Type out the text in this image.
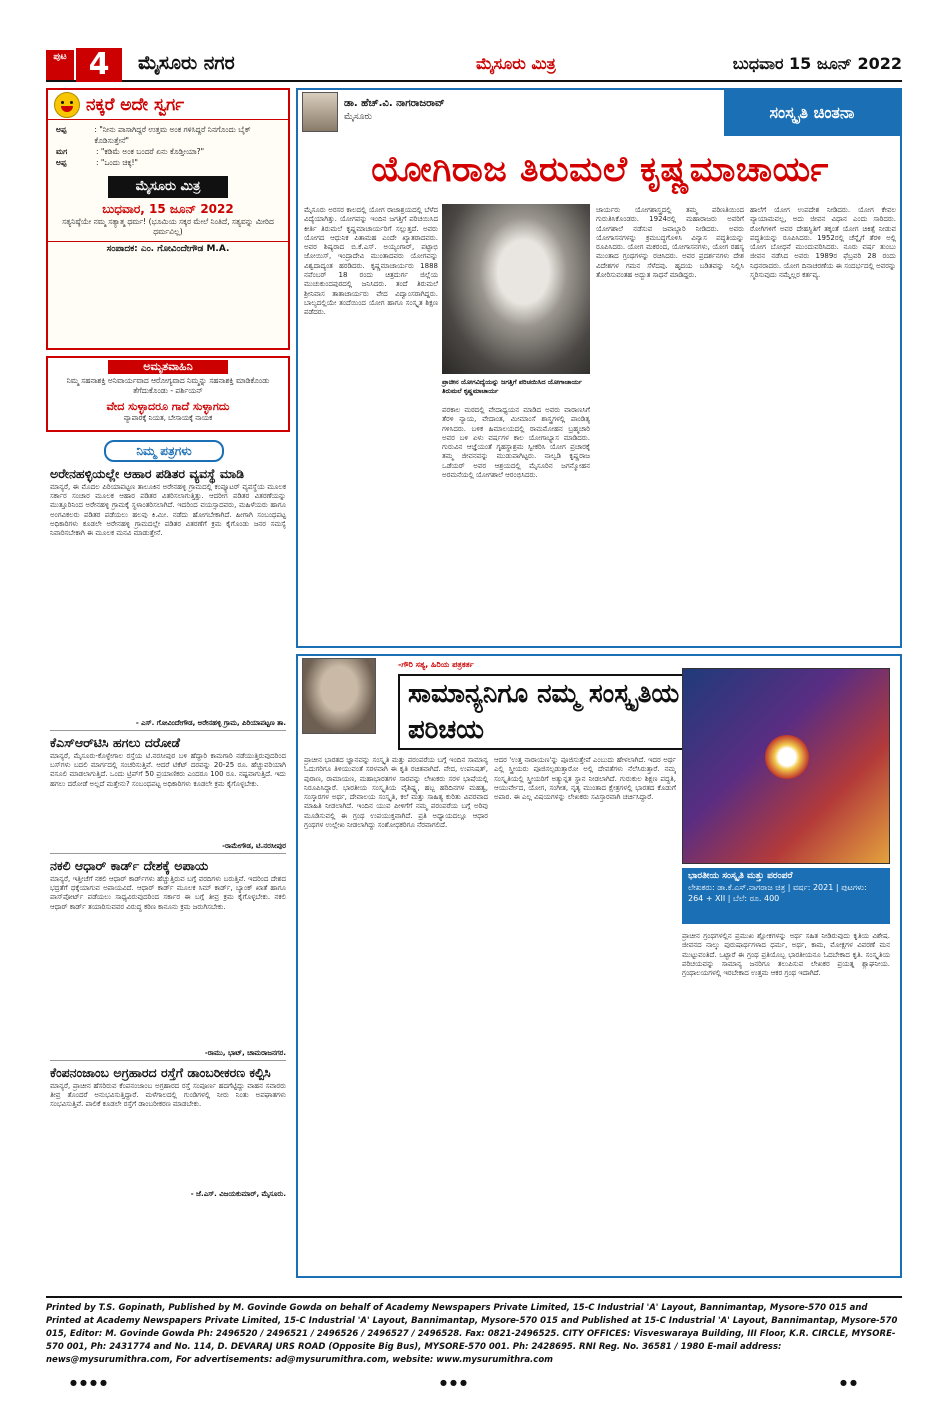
ಪುಟ 4	ಮೈಸೂರು ನಗರ	ಮೈಸೂರು ಮಿತ್ರ	ಬುಧವಾರ 15 ಜೂನ್ 2022
ನಕ್ಕರೆ ಅದೇ ಸ್ವರ್ಗ
ಅಪ್ಪ	: "ನೀನು ಪಾಸಾಗಿದ್ದರೆ ಉತ್ತಮ ಅಂಕ ಗಳಿಸಿದ್ದರೆ ನಿನಗೊಂದು ಬೈಕ್ ಕೊಡಿಸುತ್ತೇನೆ"
ಮಗ	: "ಕಡಿಮೆ ಅಂಕ ಬಂದರೆ ಏನು ಕೊಡ್ತೀಯಾ?"
ಅಪ್ಪ	: "ಒಂದು ಚಿಕ್ಕ!"
ಮೈಸೂರು ಮಿತ್ರ
ಬುಧವಾರ, 15 ಜೂನ್ 2022
ಸತ್ಯನಿಷ್ಠೆಯೇ ನಮ್ಮ ಸತ್ಯಾತ್ಮ ಧರ್ಮ! (ಭೂಮಿಯ ಸಕ್ಕರ ಮೇಲೆ ನಿಂತಿದೆ, ಸತ್ಯವನ್ನು ಮೀರಿದ ಧರ್ಮವಿಲ್ಲ)
ಸಂಪಾದಕ: ಎಂ. ಗೋವಿಂದೇಗೌಡ M.A.
ಅಮೃತವಾಹಿನಿ
ನಿಮ್ಮ ಸಹನಾಶಕ್ತಿ ಅನಿವಾರ್ಯವಾದ ಆರೋಗ್ಯವಾದ ನಿಮ್ಮನ್ನು ಸಹನಾಶಕ್ತಿ ಮಾಡಿಕೊಂಡು ತೆಗೆದುಕೊಂಡು - ಪರ್ಶಿಯನ್
ವೇದ ಸುಳ್ಳಾದರೂ ಗಾದೆ ಸುಳ್ಳಾಗದು
ವ್ಯಾಪಾರಕ್ಕೆ ನಿಯತ, ಬೇಸಾಯಕ್ಕೆ ನಾಯಕ
ನಿಮ್ಮ ಪತ್ರಗಳು
ಅರೇನಹಳ್ಳಿಯಲ್ಲೇ ಆಹಾರ ಪಡಿತರ ವ್ಯವಸ್ಥೆ ಮಾಡಿ
ಮಾನ್ಯರೆ, ಈ ಮೊದಲ ಪಿರಿಯಾಪಟ್ಟಣ ತಾಲೂಕಿನ ಅರೇನಹಳ್ಳಿ ಗ್ರಾಮದಲ್ಲಿ ಕಂಪ್ಯೂಟರ್ ವ್ಯವಸ್ಥೆಯ ಮೂಲಕ ಸರ್ಕಾರ ಸಂಚಾರ ಮೂಲಕ ಆಹಾರ ಪಡಿತರ ವಿತರಿಸಲಾಗುತ್ತಿತ್ತು. ಆದರೀಗ ಪಡಿತರ ವಿತರಣೆಯನ್ನು ಮುತ್ತೂರಿನಿಂದ ಅರೇನಹಳ್ಳಿ ಗ್ರಾಮಕ್ಕೆ ಸ್ಥಳಾಂತರಿಸಲಾಗಿದೆ. ಇದರಿಂದ ವಯಸ್ಸಾದವರು, ಮಹಿಳೆಯರು ಹಾಗೂ ಅಂಗವಿಕಲರು ಪಡಿತರ ಪಡೆಯಲು ಹಲವು ಕಿ.ಮೀ. ನಡೆದು ಹೋಗಬೇಕಾಗಿದೆ. ಹೀಗಾಗಿ ಸಂಬಂಧಪಟ್ಟ ಅಧಿಕಾರಿಗಳು ಕೂಡಲೇ ಅರೇನಹಳ್ಳಿ ಗ್ರಾಮದಲ್ಲೇ ಪಡಿತರ ವಿತರಣೆಗೆ ಕ್ರಮ ಕೈಗೊಂಡು ಜನರ ಸಮಸ್ಯೆ ನಿವಾರಿಸಬೇಕಾಗಿ ಈ ಮೂಲಕ ಮನವಿ ಮಾಡುತ್ತೇನೆ.
- ಎಸ್. ಗೋವಿಂದೇಗೌಡ, ಅರೇನಹಳ್ಳಿ ಗ್ರಾಮ, ಪಿರಿಯಾಪಟ್ಟಣ ತಾ.
ಕೆಎಸ್‌ಆರ್‌ಟಿಸಿ ಹಗಲು ದರೋಡೆ
ಮಾನ್ಯರೆ, ಮೈಸೂರು-ಕೊಳ್ಳೇಗಾಲ ರಸ್ತೆಯ ಟಿ.ನರಸೀಪುರ ಬಳಿ ಹೆದ್ದಾರಿ ಕಾಮಗಾರಿ ನಡೆಯುತ್ತಿರುವುದರಿಂದ ಬಸ್‌ಗಳು ಬದಲಿ ಮಾರ್ಗದಲ್ಲಿ ಸಂಚರಿಸುತ್ತಿವೆ. ಆದರೆ ಟಿಕೆಟ್ ದರವನ್ನು 20-25 ರೂ. ಹೆಚ್ಚುವರಿಯಾಗಿ ವಸೂಲಿ ಮಾಡಲಾಗುತ್ತಿದೆ. ಒಂದು ಟ್ರಿಪ್‌ಗೆ 50 ಪ್ರಯಾಣಿಕರು ಎಂದರೂ 100 ರೂ. ನಷ್ಟವಾಗುತ್ತಿದೆ. ಇದು ಹಗಲು ದರೋಡೆ ಅಲ್ಲದೆ ಮತ್ತೇನು? ಸಂಬಂಧಪಟ್ಟ ಅಧಿಕಾರಿಗಳು ಕೂಡಲೇ ಕ್ರಮ ಕೈಗೊಳ್ಳಬೇಕು.
-ರಾಮೇಗೌಡ, ಟಿ.ನರಸೀಪುರ
ನಕಲಿ ಆಧಾರ್ ಕಾರ್ಡ್ ದೇಶಕ್ಕೆ ಅಪಾಯ
ಮಾನ್ಯರೆ, ಇತ್ತೀಚೆಗೆ ನಕಲಿ ಆಧಾರ್ ಕಾರ್ಡ್‌ಗಳು ಹೆಚ್ಚುತ್ತಿರುವ ಬಗ್ಗೆ ವರದಿಗಳು ಬರುತ್ತಿವೆ. ಇದರಿಂದ ದೇಶದ ಭದ್ರತೆಗೆ ಧಕ್ಕೆಯಾಗುವ ಅಪಾಯವಿದೆ. ಆಧಾರ್ ಕಾರ್ಡ್ ಮೂಲಕ ಸಿಮ್ ಕಾರ್ಡ್, ಬ್ಯಾಂಕ್ ಖಾತೆ ಹಾಗೂ ಪಾಸ್‌ಪೋರ್ಟ್ ಪಡೆಯಲು ಸಾಧ್ಯವಿರುವುದರಿಂದ ಸರ್ಕಾರ ಈ ಬಗ್ಗೆ ತೀವ್ರ ಕ್ರಮ ಕೈಗೊಳ್ಳಬೇಕು. ನಕಲಿ ಆಧಾರ್ ಕಾರ್ಡ್ ತಯಾರಿಸುವವರ ವಿರುದ್ಧ ಕಠಿಣ ಕಾನೂನು ಕ್ರಮ ಜರುಗಿಸಬೇಕು.
-ರಾಮು, ಭಾಟ್, ಚಾಮರಾಜನಗರ.
ಕೆಂಪನಂಜಾಂಬ ಅಗ್ರಹಾರದ ರಸ್ತೆಗೆ ಡಾಂಬರೀಕರಣ ಕಲ್ಪಿಸಿ
ಮಾನ್ಯರೆ, ಪ್ರಾಚೀನ ಹೆಸರಿರುವ ಕೆಂಪನಂಜಾಂಬ ಅಗ್ರಹಾರದ ರಸ್ತೆ ಸಂಪೂರ್ಣ ಹದಗೆಟ್ಟಿದ್ದು ವಾಹನ ಸವಾರರು ತೀವ್ರ ತೊಂದರೆ ಅನುಭವಿಸುತ್ತಿದ್ದಾರೆ. ಮಳೆಗಾಲದಲ್ಲಿ ಗುಂಡಿಗಳಲ್ಲಿ ನೀರು ನಿಂತು ಅಪಘಾತಗಳು ಸಂಭವಿಸುತ್ತಿವೆ. ಪಾಲಿಕೆ ಕೂಡಲೇ ರಸ್ತೆಗೆ ಡಾಂಬರೀಕರಣ ಮಾಡಬೇಕು.
- ಜೆ.ಎಸ್. ವಿಜಯಕುಮಾರ್, ಮೈಸೂರು.
ಡಾ. ಹೆಚ್.ವಿ. ನಾಗರಾಜರಾವ್
ಮೈಸೂರು	ಸಂಸ್ಕೃತಿ ಚಿಂತನಾ
ಯೋಗಿರಾಜ ತಿರುಮಲೆ ಕೃಷ್ಣಮಾಚಾರ್ಯ
ಮೈಸೂರು ಅರಸರ ಕಾಲದಲ್ಲಿ ಯೋಗ ರಾಜಾಶ್ರಯದಲ್ಲಿ ಬೆಳೆದ ವಿದ್ಯೆಯಾಗಿತ್ತು. ಯೋಗವನ್ನು ಇಂದಿನ ಜಗತ್ತಿಗೆ ಪರಿಚಯಿಸಿದ ಕೀರ್ತಿ ತಿರುಮಲೆ ಕೃಷ್ಣಮಾಚಾರ್ಯರಿಗೆ ಸಲ್ಲುತ್ತದೆ. ಅವರು ಯೋಗದ ಆಧುನಿಕ ಪಿತಾಮಹ ಎಂದೇ ಖ್ಯಾತರಾದವರು. ಅವರ ಶಿಷ್ಯರಾದ ಬಿ.ಕೆ.ಎಸ್. ಅಯ್ಯಂಗಾರ್, ಪಟ್ಟಾಭಿ ಜೋಯಿಸ್, ಇಂದ್ರಾದೇವಿ ಮುಂತಾದವರು ಯೋಗವನ್ನು ವಿಶ್ವದಾದ್ಯಂತ ಹರಡಿದರು. ಕೃಷ್ಣಮಾಚಾರ್ಯರು 1888 ನವೆಂಬರ್ 18 ರಂದು ಚಿತ್ರದುರ್ಗ ಜಿಲ್ಲೆಯ ಮುಚುಕುಂದಪುರದಲ್ಲಿ ಜನಿಸಿದರು. ತಂದೆ ತಿರುಮಲೆ ಶ್ರೀನಿವಾಸ ತಾತಾಚಾರ್ಯರು ವೇದ ವಿದ್ವಾಂಸರಾಗಿದ್ದರು. ಬಾಲ್ಯದಲ್ಲಿಯೇ ತಂದೆಯಿಂದ ಯೋಗ ಹಾಗೂ ಸಂಸ್ಕೃತ ಶಿಕ್ಷಣ ಪಡೆದರು.
ಪ್ರಾಚೀನ ಯೋಗವಿದ್ಯೆಯನ್ನು ಜಗತ್ತಿಗೆ ಪರಿಚಯಿಸಿದ ಯೋಗಾಚಾರ್ಯ ತಿರುಮಲೆ ಕೃಷ್ಣಮಾಚಾರ್ಯ
ಪರಕಾಲ ಮಠದಲ್ಲಿ ವೇದಾಧ್ಯಯನ ಮಾಡಿದ ಅವರು ವಾರಾಣಸಿಗೆ ತೆರಳಿ ನ್ಯಾಯ, ವೇದಾಂತ, ಮೀಮಾಂಸೆ ಶಾಸ್ತ್ರಗಳಲ್ಲಿ ಪಾಂಡಿತ್ಯ ಗಳಿಸಿದರು. ಬಳಿಕ ಹಿಮಾಲಯದಲ್ಲಿ ರಾಮಮೋಹನ ಬ್ರಹ್ಮಚಾರಿ ಅವರ ಬಳಿ ಏಳು ವರ್ಷಗಳ ಕಾಲ ಯೋಗಾಭ್ಯಾಸ ಮಾಡಿದರು. ಗುರುವಿನ ಆಜ್ಞೆಯಂತೆ ಗೃಹಸ್ಥಾಶ್ರಮ ಸ್ವೀಕರಿಸಿ ಯೋಗ ಪ್ರಚಾರಕ್ಕೆ ತಮ್ಮ ಜೀವನವನ್ನು ಮುಡುಪಾಗಿಟ್ಟರು. ನಾಲ್ವಡಿ ಕೃಷ್ಣರಾಜ ಒಡೆಯರ್ ಅವರ ಆಶ್ರಯದಲ್ಲಿ ಮೈಸೂರಿನ ಜಗನ್ಮೋಹನ ಅರಮನೆಯಲ್ಲಿ ಯೋಗಶಾಲೆ ಆರಂಭಿಸಿದರು.
ಜಾರ್ಯರು ಯೋಗಶಾಸ್ತ್ರದಲ್ಲಿ ತಮ್ಮ ಪರಿಣತಿಯಿಂದ ಗುರುತಿಸಿಕೊಂಡರು. 1924ರಲ್ಲಿ ಮಹಾರಾಜರು ಅವರಿಗೆ ಯೋಗಶಾಲೆ ನಡೆಸುವ ಜವಾಬ್ದಾರಿ ನೀಡಿದರು. ಅವರು ಯೋಗಾಸನಗಳನ್ನು ಕ್ರಮಬದ್ಧಗೊಳಿಸಿ ವಿನ್ಯಾಸ ಪದ್ಧತಿಯನ್ನು ರೂಪಿಸಿದರು. ಯೋಗ ಮಕರಂದ, ಯೋಗಾಸನಗಳು, ಯೋಗ ರಹಸ್ಯ ಮುಂತಾದ ಗ್ರಂಥಗಳನ್ನು ರಚಿಸಿದರು. ಅವರ ಪ್ರದರ್ಶನಗಳು ದೇಶ ವಿದೇಶಗಳ ಗಮನ ಸೆಳೆದವು. ಹೃದಯ ಬಡಿತವನ್ನು ನಿಲ್ಲಿಸಿ ತೋರಿಸುವಂತಹ ಅದ್ಭುತ ಸಾಧನೆ ಮಾಡಿದ್ದರು.
ಹಾಲೆಗೆ ಯೋಗ ಉಪದೇಶ ನೀಡಿದರು. ಯೋಗ ಕೇವಲ ವ್ಯಾಯಾಮವಲ್ಲ, ಅದು ಜೀವನ ವಿಧಾನ ಎಂದು ಸಾರಿದರು. ರೋಗಿಗಳಿಗೆ ಅವರ ದೇಹಸ್ಥಿತಿಗೆ ತಕ್ಕಂತೆ ಯೋಗ ಚಿಕಿತ್ಸೆ ನೀಡುವ ಪದ್ಧತಿಯನ್ನು ರೂಪಿಸಿದರು. 1952ರಲ್ಲಿ ಚೆನ್ನೈಗೆ ತೆರಳಿ ಅಲ್ಲಿ ಯೋಗ ಬೋಧನೆ ಮುಂದುವರಿಸಿದರು. ನೂರು ವರ್ಷ ತುಂಬು ಜೀವನ ನಡೆಸಿದ ಅವರು 1989ರ ಫೆಬ್ರವರಿ 28 ರಂದು ನಿಧನರಾದರು. ಯೋಗ ದಿನಾಚರಣೆಯ ಈ ಸಂದರ್ಭದಲ್ಲಿ ಅವರನ್ನು ಸ್ಮರಿಸುವುದು ನಮ್ಮೆಲ್ಲರ ಕರ್ತವ್ಯ.
-ಗೌರಿ ಸತ್ಯ, ಹಿರಿಯ ಪತ್ರಕರ್ತ
ಸಾಮಾನ್ಯನಿಗೂ ನಮ್ಮ ಸಂಸ್ಕೃತಿಯ ಪರಿಚಯ
ಭಾರತೀಯ ಸಂಸ್ಕೃತಿ ಮತ್ತು ಪರಂಪರೆ
ಲೇಖಕರು: ಡಾ.ಕೆ.ಎಸ್.ನಾಗರಾಜ ಚಿತ್ರ | ವರ್ಷ: 2021 | ಪುಟಗಳು: 264 + XII | ಬೆಲೆ: ರೂ. 400
ಪ್ರಾಚೀನ ಭಾರತದ ಜ್ಞಾನವನ್ನು ಸಂಸ್ಕೃತಿ ಮತ್ತು ಪರಂಪರೆಯ ಬಗ್ಗೆ ಇಂದಿನ ಸಾಮಾನ್ಯ ಓದುಗರಿಗೂ ತಿಳಿಯುವಂತೆ ಸರಳವಾಗಿ ಈ ಕೃತಿ ರಚಿತವಾಗಿದೆ. ವೇದ, ಉಪನಿಷತ್, ಪುರಾಣ, ರಾಮಾಯಣ, ಮಹಾಭಾರತಗಳ ಸಾರವನ್ನು ಲೇಖಕರು ಸರಳ ಭಾಷೆಯಲ್ಲಿ ನಿರೂಪಿಸಿದ್ದಾರೆ. ಭಾರತೀಯ ಸಂಸ್ಕೃತಿಯ ವೈಶಿಷ್ಟ್ಯ, ಹಬ್ಬ ಹರಿದಿನಗಳ ಮಹತ್ವ, ಸಂಸ್ಕಾರಗಳ ಅರ್ಥ, ದೇವಾಲಯ ಸಂಸ್ಕೃತಿ, ಕಲೆ ಮತ್ತು ಸಾಹಿತ್ಯ ಕುರಿತು ವಿವರವಾದ ಮಾಹಿತಿ ನೀಡಲಾಗಿದೆ. ಇಂದಿನ ಯುವ ಪೀಳಿಗೆಗೆ ನಮ್ಮ ಪರಂಪರೆಯ ಬಗ್ಗೆ ಅರಿವು ಮೂಡಿಸುವಲ್ಲಿ ಈ ಗ್ರಂಥ ಉಪಯುಕ್ತವಾಗಿದೆ. ಪ್ರತಿ ಅಧ್ಯಾಯದಲ್ಲೂ ಆಧಾರ ಗ್ರಂಥಗಳ ಉಲ್ಲೇಖ ನೀಡಲಾಗಿದ್ದು ಸಂಶೋಧಕರಿಗೂ ನೆರವಾಗಲಿದೆ.
ಆದರ 'ಉತ್ತ ನಾರಾಯಣ'ನ್ನು ಪೂಜಿಸುತ್ತೇವೆ ಎಂಬುದು ಹೇಳಲಾಗಿದೆ. ಇದರ ಅರ್ಥ ಎಲ್ಲಿ ಸ್ತ್ರೀಯರು ಪೂಜಿಸಲ್ಪಡುತ್ತಾರೋ ಅಲ್ಲಿ ದೇವತೆಗಳು ನೆಲೆಸಿರುತ್ತಾರೆ. ನಮ್ಮ ಸಂಸ್ಕೃತಿಯಲ್ಲಿ ಸ್ತ್ರೀಯರಿಗೆ ಅತ್ಯುನ್ನತ ಸ್ಥಾನ ನೀಡಲಾಗಿದೆ. ಗುರುಕುಲ ಶಿಕ್ಷಣ ಪದ್ಧತಿ, ಆಯುರ್ವೇದ, ಯೋಗ, ಸಂಗೀತ, ನೃತ್ಯ ಮುಂತಾದ ಕ್ಷೇತ್ರಗಳಲ್ಲಿ ಭಾರತದ ಕೊಡುಗೆ ಅಪಾರ. ಈ ಎಲ್ಲ ವಿಷಯಗಳನ್ನು ಲೇಖಕರು ಸವಿಸ್ತಾರವಾಗಿ ಚರ್ಚಿಸಿದ್ದಾರೆ.
ಪ್ರಾಚೀನ ಗ್ರಂಥಗಳಲ್ಲಿನ ಪ್ರಮುಖ ಶ್ಲೋಕಗಳನ್ನು ಅರ್ಥ ಸಹಿತ ನೀಡಿರುವುದು ಕೃತಿಯ ವಿಶೇಷ. ಜೀವನದ ನಾಲ್ಕು ಪುರುಷಾರ್ಥಗಳಾದ ಧರ್ಮ, ಅರ್ಥ, ಕಾಮ, ಮೋಕ್ಷಗಳ ವಿವರಣೆ ಮನ ಮುಟ್ಟುವಂತಿದೆ. ಒಟ್ಟಾರೆ ಈ ಗ್ರಂಥ ಪ್ರತಿಯೊಬ್ಬ ಭಾರತೀಯನೂ ಓದಬೇಕಾದ ಕೃತಿ. ಸಂಸ್ಕೃತಿಯ ಪರಿಚಯವನ್ನು ಸಾಮಾನ್ಯ ಜನರಿಗೂ ತಲುಪಿಸುವ ಲೇಖಕರ ಪ್ರಯತ್ನ ಶ್ಲಾಘನೀಯ. ಗ್ರಂಥಾಲಯಗಳಲ್ಲಿ ಇರಬೇಕಾದ ಉತ್ತಮ ಆಕರ ಗ್ರಂಥ ಇದಾಗಿದೆ.
Printed by T.S. Gopinath, Published by M. Govinde Gowda on behalf of Academy Newspapers Private Limited, 15-C Industrial 'A' Layout, Bannimantap, Mysore-570 015 and Printed at Academy Newspapers Private Limited, 15-C Industrial 'A' Layout, Bannimantap, Mysore-570 015 and Published at 15-C Industrial 'A' Layout, Bannimantap, Mysore-570 015, Editor: M. Govinde Gowda Ph: 2496520 / 2496521 / 2496526 / 2496527 / 2496528. Fax: 0821-2496525. CITY OFFICES: Visveswaraya Building, III Floor, K.R. CIRCLE, MYSORE-570 001, Ph: 2431774 and No. 114, D. DEVARAJ URS ROAD (Opposite Big Bus), MYSORE-570 001. Ph: 2428695. RNI Reg. No. 36581 / 1980 E-mail address: news@mysurumithra.com, For advertisements: ad@mysurumithra.com, website: www.mysurumithra.com
●●●●	●●●	●●
